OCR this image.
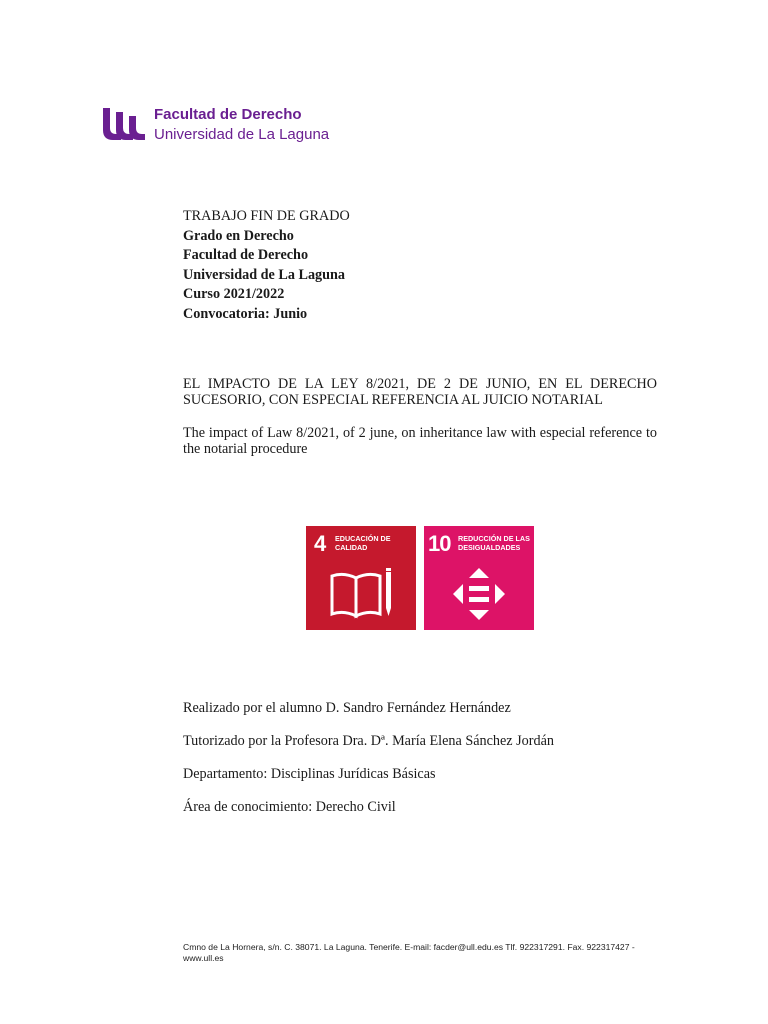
Facultad de Derecho
Universidad de La Laguna
TRABAJO FIN DE GRADO
Grado en Derecho
Facultad de Derecho
Universidad de La Laguna
Curso 2021/2022
Convocatoria: Junio
EL IMPACTO DE LA LEY 8/2021, DE 2 DE JUNIO, EN EL DERECHO

SUCESORIO, CON ESPECIAL REFERENCIA AL JUICIO NOTARIAL
The impact of Law 8/2021, of 2 june, on inheritance law with especial reference to the notarial procedure
4 EDUCACIÓN DE CALIDAD	10 REDUCCIÓN DE LAS DESIGUALDADES
Realizado por el alumno D. Sandro Fernández Hernández
Tutorizado por la Profesora Dra. Dª. María Elena Sánchez Jordán
Departamento: Disciplinas Jurídicas Básicas
Área de conocimiento: Derecho Civil
Cmno de La Hornera, s/n. C. 38071. La Laguna. Tenerife. E-mail: facder@ull.edu.es Tlf. 922317291. Fax. 922317427 -
www.ull.es
